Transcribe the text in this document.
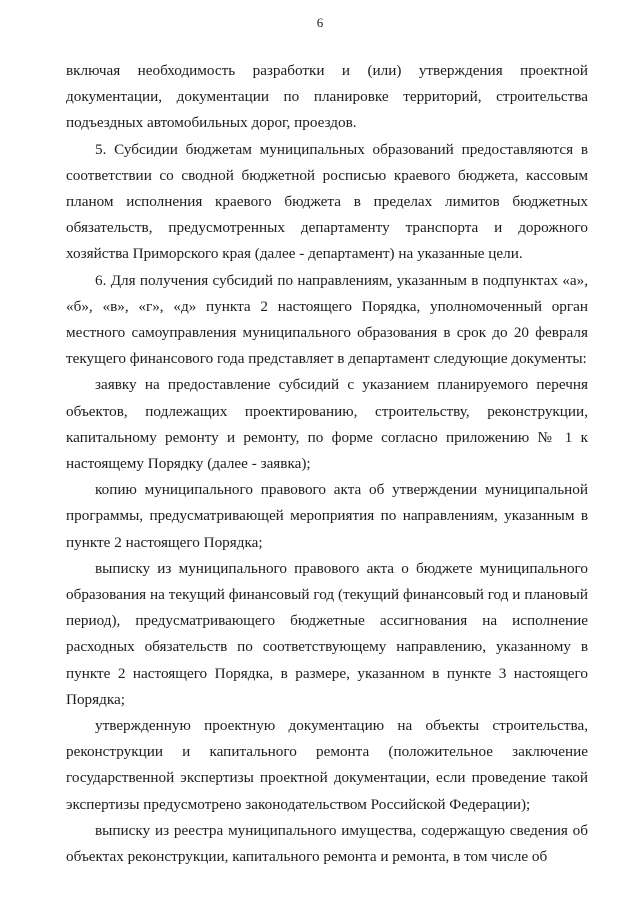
6

включая необходимость разработки и (или) утверждения проектной документации, документации по планировке территорий, строительства подъездных автомобильных дорог, проездов.

5. Субсидии бюджетам муниципальных образований предоставляются в соответствии со сводной бюджетной росписью краевого бюджета, кассовым планом исполнения краевого бюджета в пределах лимитов бюджетных обязательств, предусмотренных департаменту транспорта и дорожного хозяйства Приморского края (далее - департамент) на указанные цели.

6. Для получения субсидий по направлениям, указанным в подпунктах «а», «б», «в», «г», «д» пункта 2 настоящего Порядка, уполномоченный орган местного самоуправления муниципального образования в срок до 20 февраля текущего финансового года представляет в департамент следующие документы:

заявку на предоставление субсидий с указанием планируемого перечня объектов, подлежащих проектированию, строительству, реконструкции, капитальному ремонту и ремонту, по форме согласно приложению № 1 к настоящему Порядку (далее - заявка);

копию муниципального правового акта об утверждении муниципальной программы, предусматривающей мероприятия по направлениям, указанным в пункте 2 настоящего Порядка;

выписку из муниципального правового акта о бюджете муниципального образования на текущий финансовый год (текущий финансовый год и плановый период), предусматривающего бюджетные ассигнования на исполнение расходных обязательств по соответствующему направлению, указанному в пункте 2 настоящего Порядка, в размере, указанном в пункте 3 настоящего Порядка;

утвержденную проектную документацию на объекты строительства, реконструкции и капитального ремонта (положительное заключение государственной экспертизы проектной документации, если проведение такой экспертизы предусмотрено законодательством Российской Федерации);

выписку из реестра муниципального имущества, содержащую сведения об объектах реконструкции, капитального ремонта и ремонта, в том числе об
